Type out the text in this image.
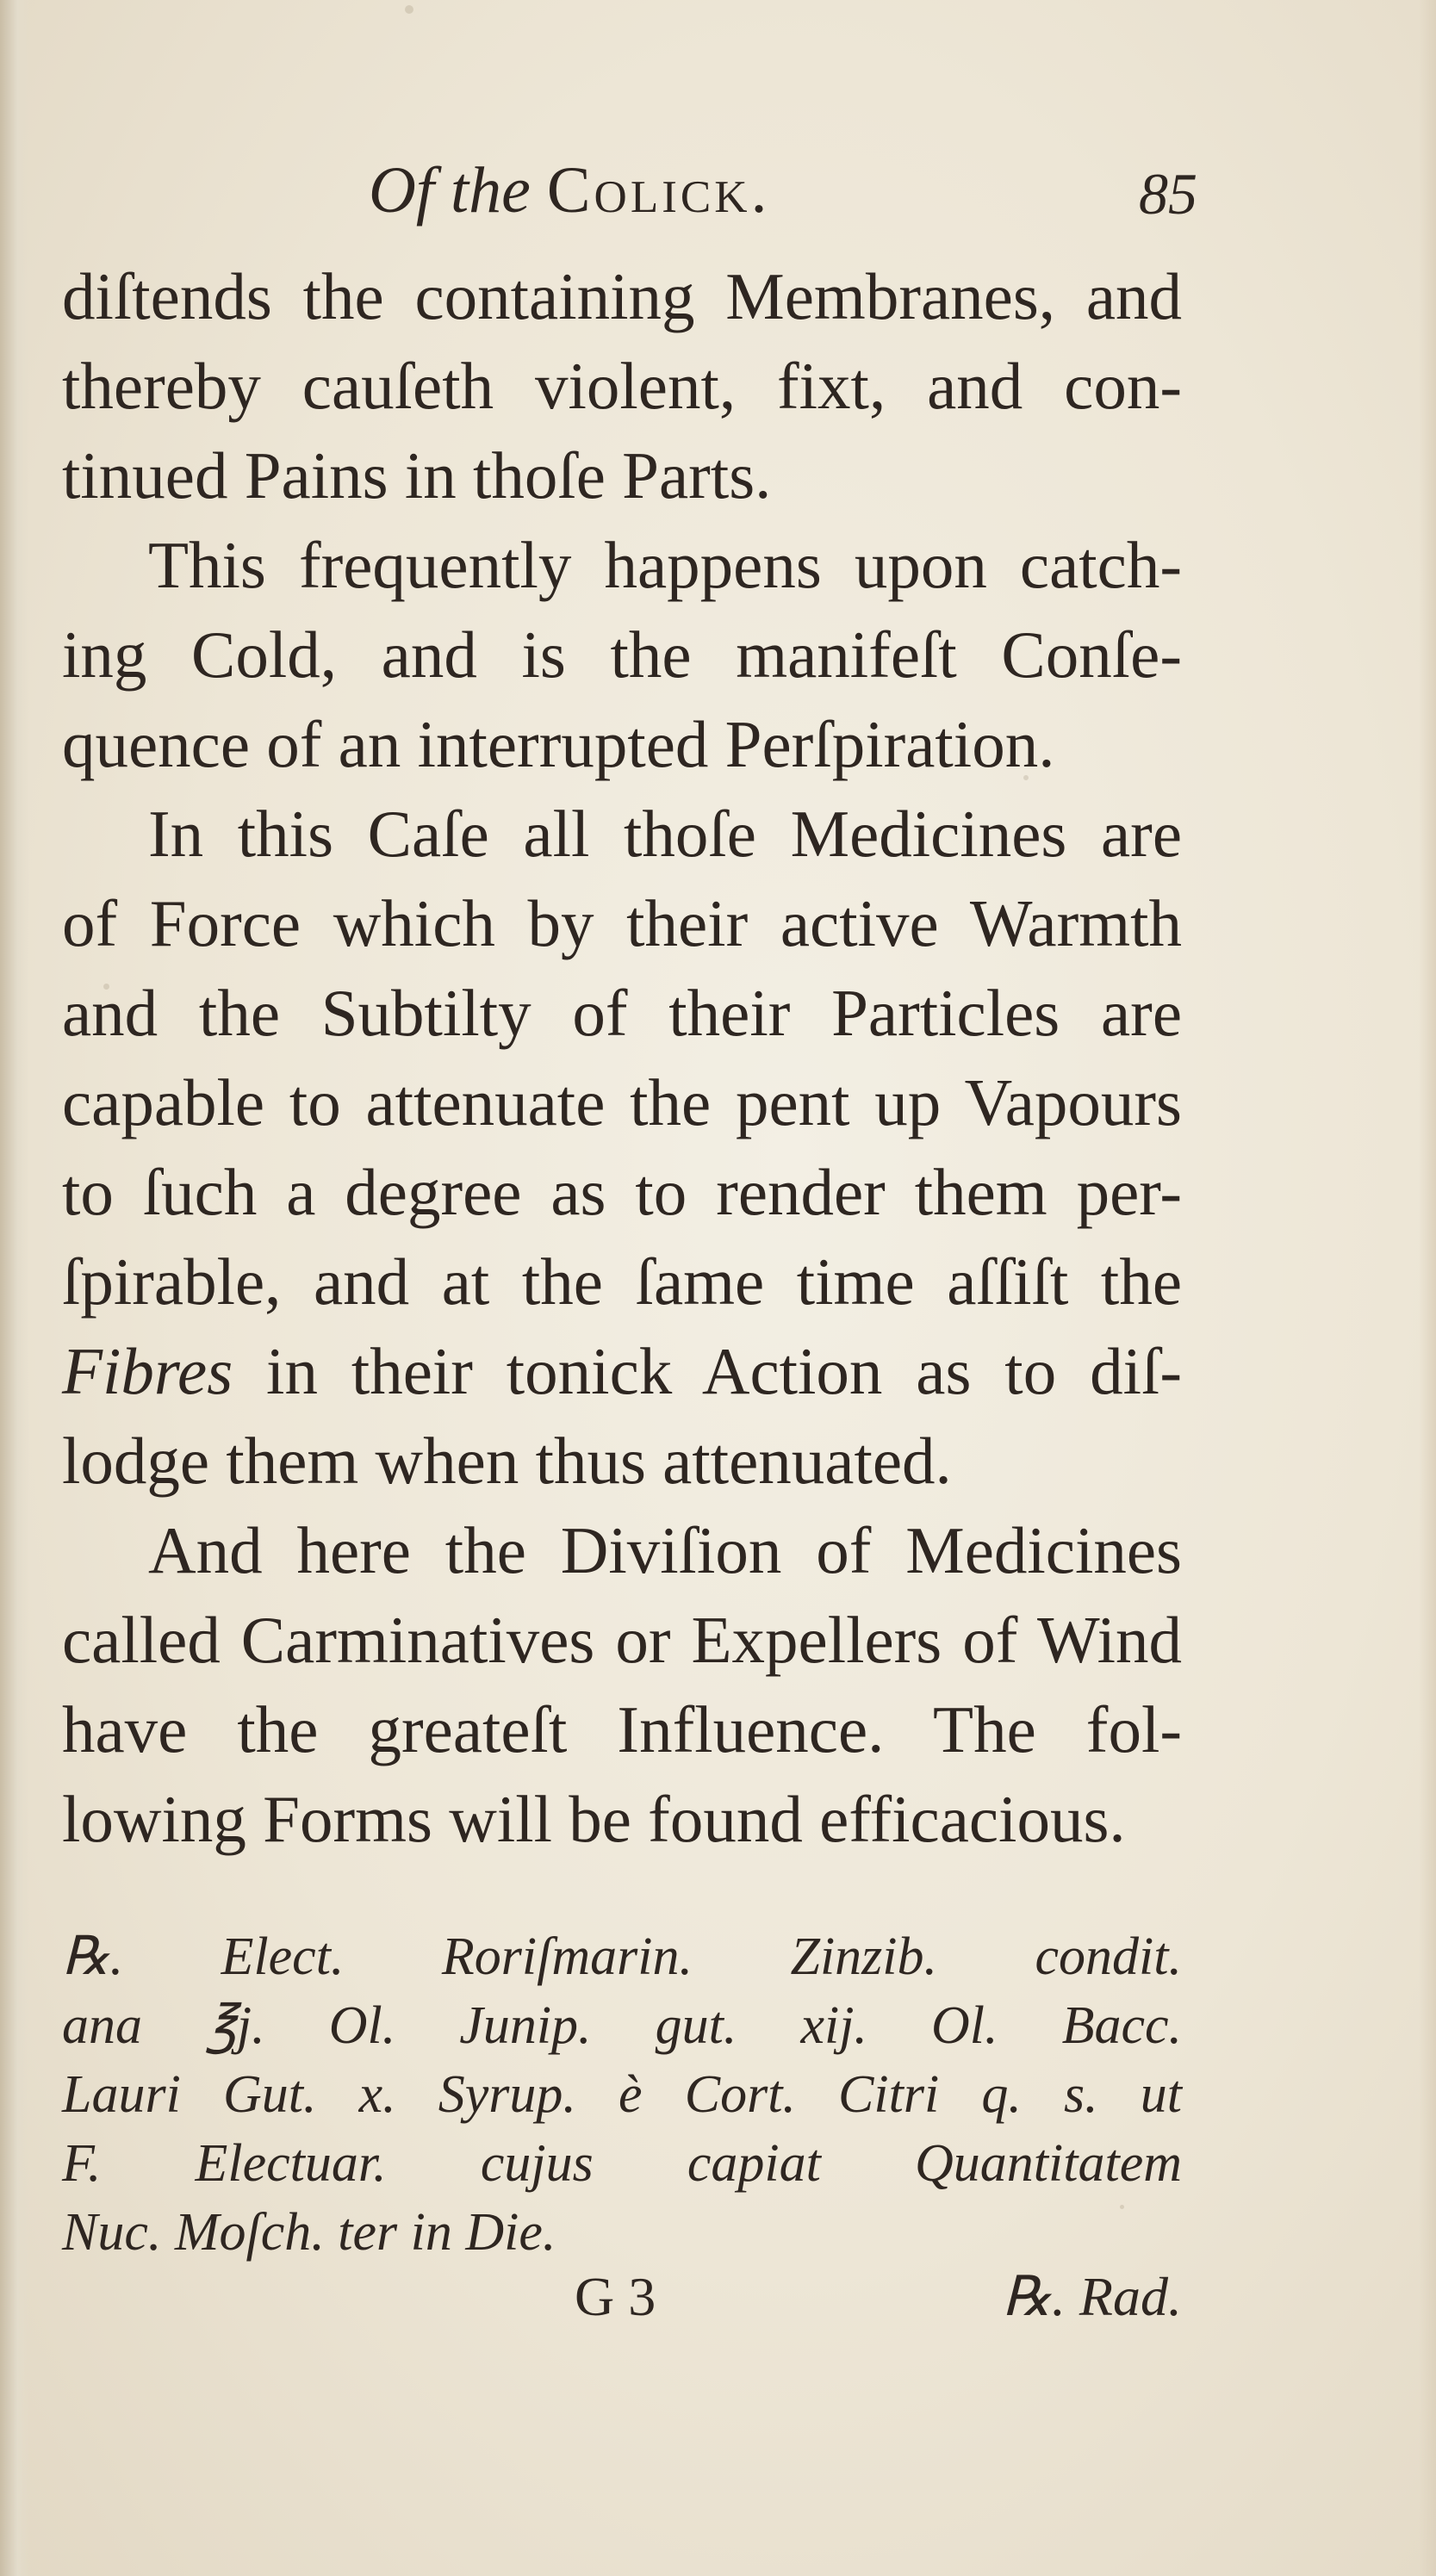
Of the Colick.	85
diſtends the containing Membranes, and
thereby cauſeth violent, fixt, and con-
tinued Pains in thoſe Parts.
This frequently happens upon catch-
ing Cold, and is the manifeſt Conſe-
quence of an interrupted Perſpiration.
In this Caſe all thoſe Medicines are
of Force which by their active Warmth
and the Subtilty of their Particles are
capable to attenuate the pent up Vapours
to ſuch a degree as to render them per-
ſpirable, and at the ſame time aſſiſt the
Fibres in their tonick Action as to diſ-
lodge them when thus attenuated.
And here the Diviſion of Medicines
called Carminatives or Expellers of Wind
have the greateſt Influence. The fol-
lowing Forms will be found efficacious.
℞. Elect. Roriſmarin. Zinzib. condit.
ana ℥j. Ol. Junip. gut. xij. Ol. Bacc.
Lauri Gut. x. Syrup. è Cort. Citri q. s. ut
F. Electuar. cujus capiat Quantitatem
Nuc. Moſch. ter in Die.
G 3	℞. Rad.
